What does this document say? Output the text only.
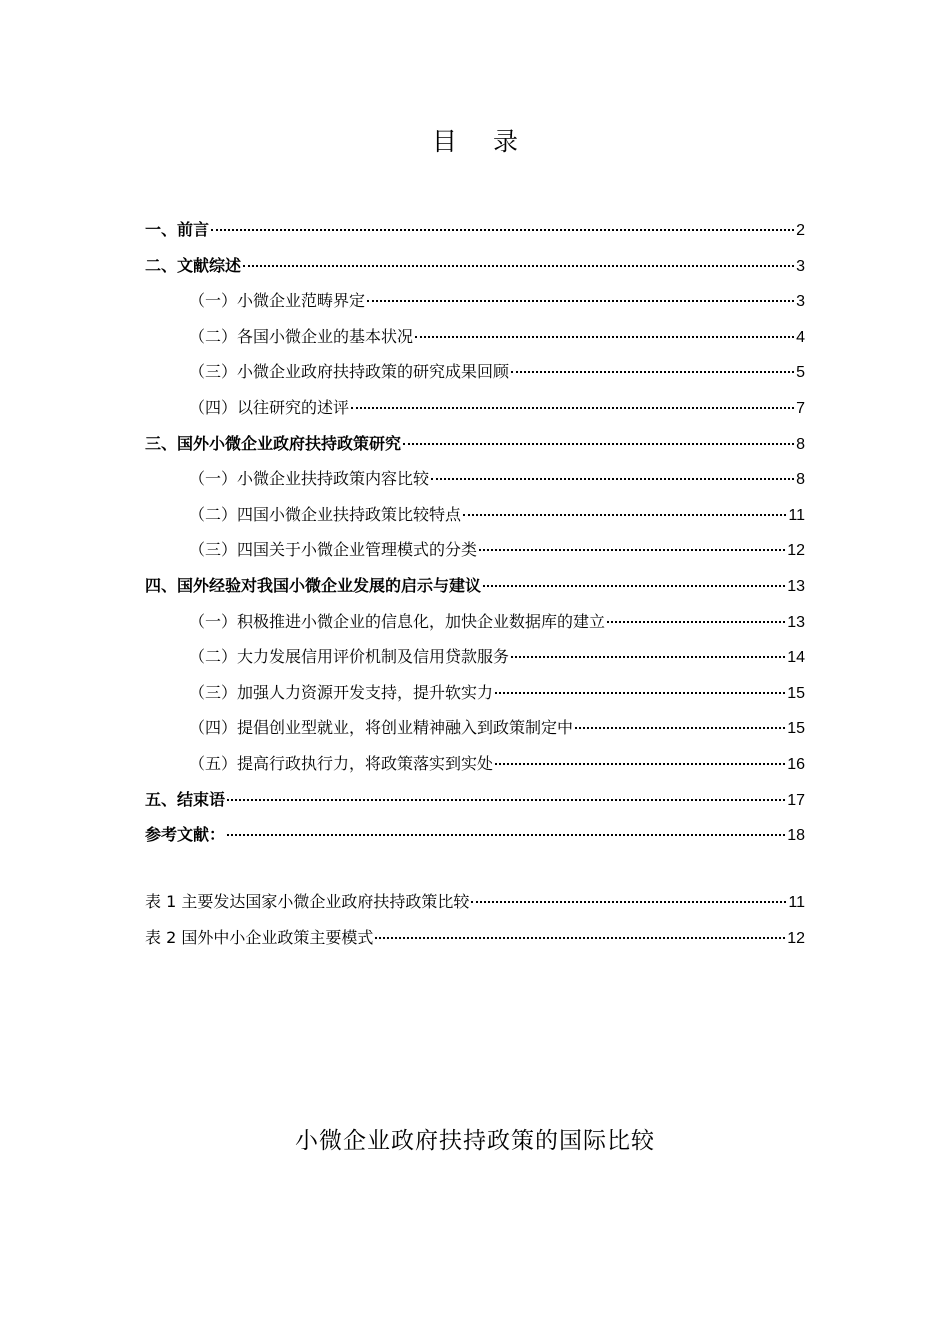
目 录
一、前言	2
二、文献综述	3
（一）小微企业范畴界定	3
（二）各国小微企业的基本状况	4
（三）小微企业政府扶持政策的研究成果回顾	5
（四）以往研究的述评	7
三、国外小微企业政府扶持政策研究	8
（一）小微企业扶持政策内容比较	8
（二）四国小微企业扶持政策比较特点	11
（三）四国关于小微企业管理模式的分类	12
四、国外经验对我国小微企业发展的启示与建议	13
（一）积极推进小微企业的信息化，加快企业数据库的建立	13
（二）大力发展信用评价机制及信用贷款服务	14
（三）加强人力资源开发支持，提升软实力	15
（四）提倡创业型就业，将创业精神融入到政策制定中	15
（五）提高行政执行力，将政策落实到实处	16
五、结束语	17
参考文献：	18
表 1 主要发达国家小微企业政府扶持政策比较	11
表 2 国外中小企业政策主要模式	12
小微企业政府扶持政策的国际比较
